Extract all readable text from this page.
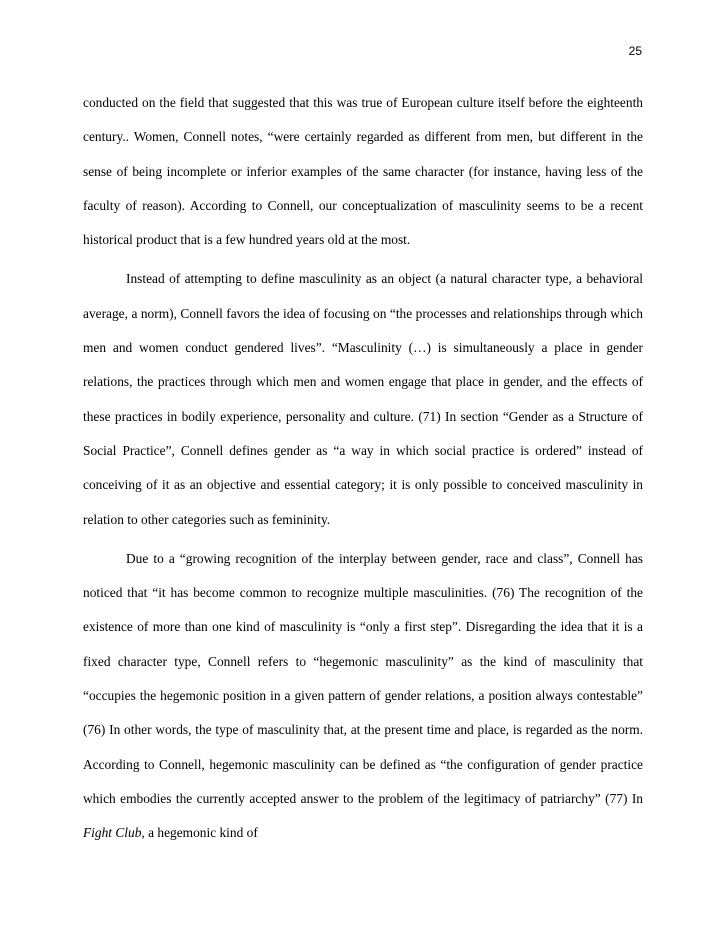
25

conducted on the field that suggested that this was true of European culture itself before the eighteenth century.. Women, Connell notes, “were certainly regarded as different from men, but different in the sense of being incomplete or inferior examples of the same character (for instance, having less of the faculty of reason). According to Connell, our conceptualization of masculinity seems to be a recent historical product that is a few hundred years old at the most.

Instead of attempting to define masculinity as an object (a natural character type, a behavioral average, a norm), Connell favors the idea of focusing on “the processes and relationships through which men and women conduct gendered lives”. “Masculinity (…) is simultaneously a place in gender relations, the practices through which men and women engage that place in gender, and the effects of these practices in bodily experience, personality and culture. (71) In section “Gender as a Structure of Social Practice”, Connell defines gender as “a way in which social practice is ordered” instead of conceiving of it as an objective and essential category; it is only possible to conceived masculinity in relation to other categories such as femininity.

Due to a “growing recognition of the interplay between gender, race and class”, Connell has noticed that “it has become common to recognize multiple masculinities. (76) The recognition of the existence of more than one kind of masculinity is “only a first step”. Disregarding the idea that it is a fixed character type, Connell refers to “hegemonic masculinity” as the kind of masculinity that “occupies the hegemonic position in a given pattern of gender relations, a position always contestable” (76) In other words, the type of masculinity that, at the present time and place, is regarded as the norm. According to Connell, hegemonic masculinity can be defined as “the configuration of gender practice which embodies the currently accepted answer to the problem of the legitimacy of patriarchy” (77) In Fight Club, a hegemonic kind of
